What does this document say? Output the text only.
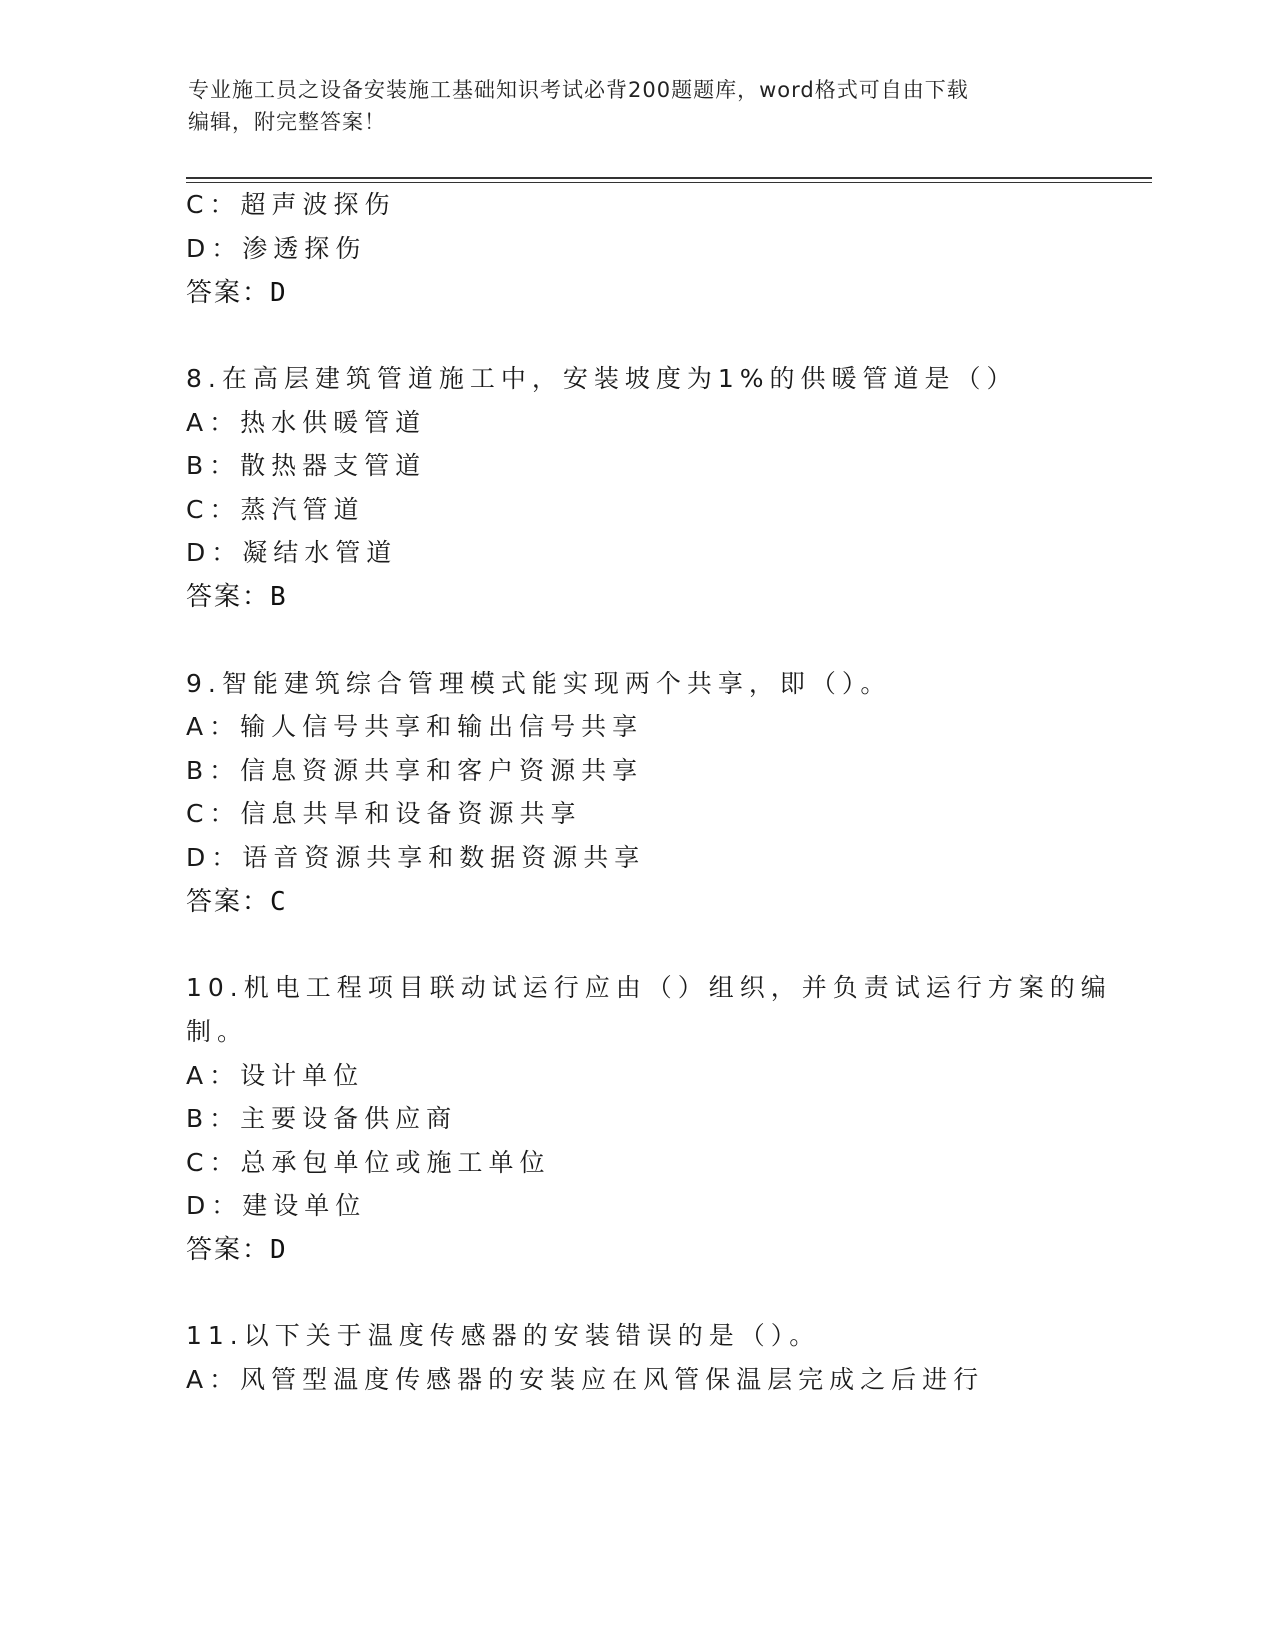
专业施工员之设备安装施工基础知识考试必背200题题库，word格式可自由下载
编辑，附完整答案！
C：超声波探伤
D：渗透探伤
答案：D
8.在高层建筑管道施工中，安装坡度为1%的供暖管道是（）
A：热水供暖管道
B：散热器支管道
C：蒸汽管道
D：凝结水管道
答案：B
9.智能建筑综合管理模式能实现两个共享，即（）。
A：输人信号共享和输出信号共享
B：信息资源共享和客户资源共享
C：信息共旱和设备资源共享
D：语音资源共享和数据资源共享
答案：C
10.机电工程项目联动试运行应由（）组织，并负责试运行方案的编
制。
A：设计单位
B：主要设备供应商
C：总承包单位或施工单位
D：建设单位
答案：D
11.以下关于温度传感器的安装错误的是（）。
A：风管型温度传感器的安装应在风管保温层完成之后进行
